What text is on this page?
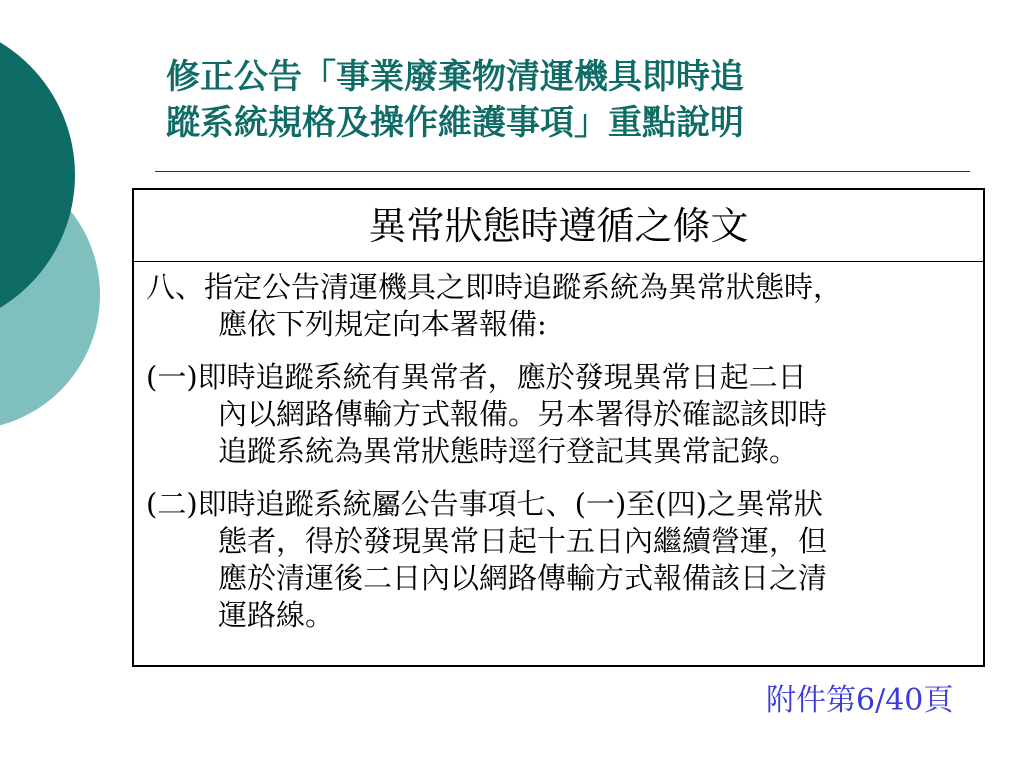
修正公告「事業廢棄物清運機具即時追
蹤系統規格及操作維護事項」重點說明
異常狀態時遵循之條文
八、指定公告清運機具之即時追蹤系統為異常狀態時，
應依下列規定向本署報備:
(一)即時追蹤系統有異常者，應於發現異常日起二日
內以網路傳輸方式報備。另本署得於確認該即時
追蹤系統為異常狀態時逕行登記其異常記錄。
(二)即時追蹤系統屬公告事項七、(一)至(四)之異常狀
態者，得於發現異常日起十五日內繼續營運，但
應於清運後二日內以網路傳輸方式報備該日之清
運路線。
附件第6/40頁
